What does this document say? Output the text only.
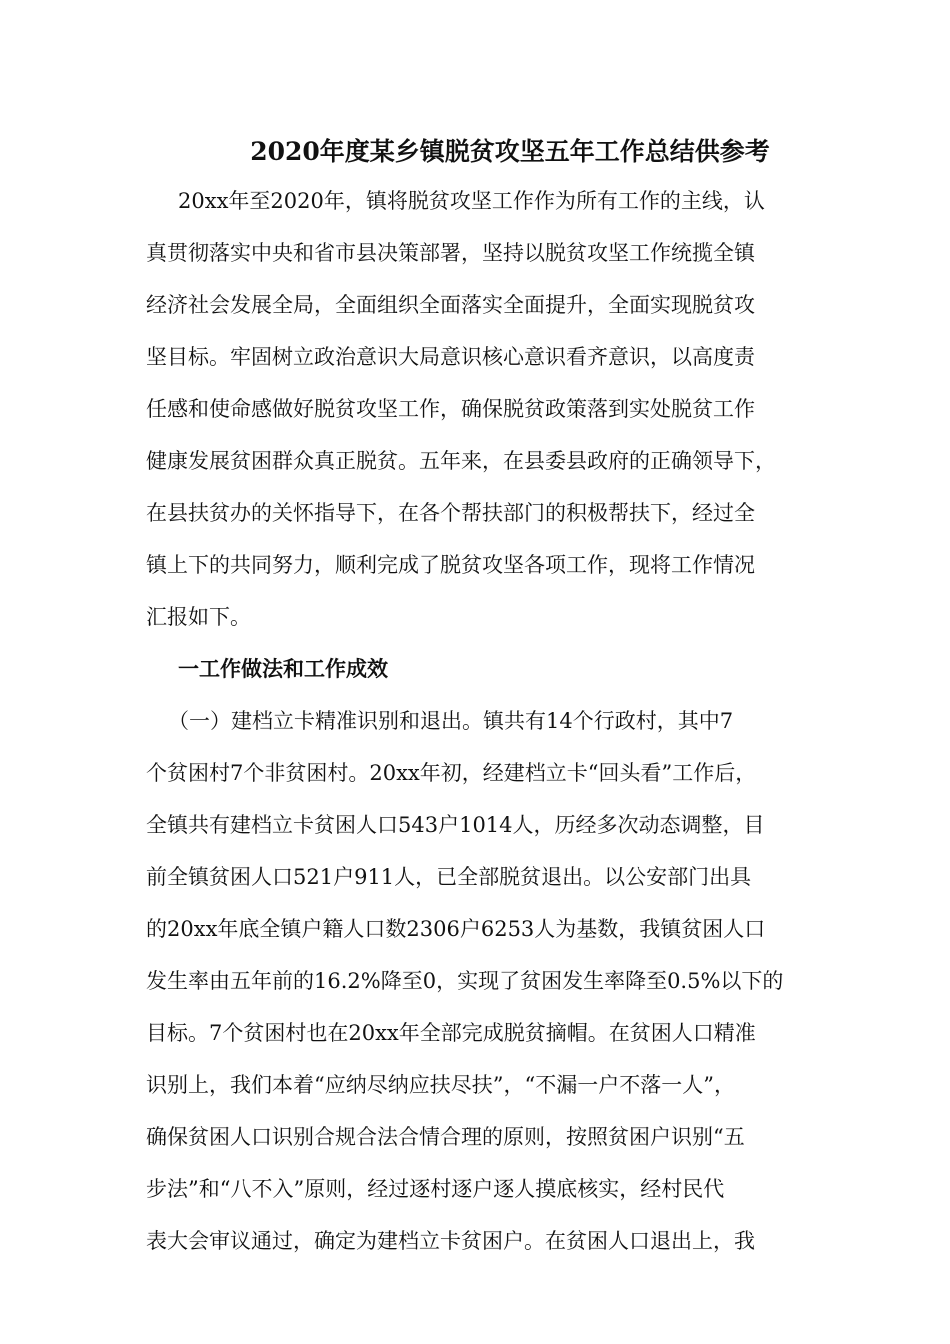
2020年度某乡镇脱贫攻坚五年工作总结供参考
20xx年至2020年，镇将脱贫攻坚工作作为所有工作的主线，认
真贯彻落实中央和省市县决策部署，坚持以脱贫攻坚工作统揽全镇
经济社会发展全局，全面组织全面落实全面提升，全面实现脱贫攻
坚目标。牢固树立政治意识大局意识核心意识看齐意识，以高度责
任感和使命感做好脱贫攻坚工作，确保脱贫政策落到实处脱贫工作
健康发展贫困群众真正脱贫。五年来，在县委县政府的正确领导下，
在县扶贫办的关怀指导下，在各个帮扶部门的积极帮扶下，经过全
镇上下的共同努力，顺利完成了脱贫攻坚各项工作，现将工作情况
汇报如下。
一工作做法和工作成效
（一）建档立卡精准识别和退出。镇共有14个行政村，其中7
个贫困村7个非贫困村。20xx年初，经建档立卡“回头看”工作后，
全镇共有建档立卡贫困人口543户1014人，历经多次动态调整，目
前全镇贫困人口521户911人，已全部脱贫退出。以公安部门出具
的20xx年底全镇户籍人口数2306户6253人为基数，我镇贫困人口
发生率由五年前的16.2%降至0，实现了贫困发生率降至0.5%以下的
目标。7个贫困村也在20xx年全部完成脱贫摘帽。在贫困人口精准
识别上，我们本着“应纳尽纳应扶尽扶”，“不漏一户不落一人”，
确保贫困人口识别合规合法合情合理的原则，按照贫困户识别“五
步法”和“八不入”原则，经过逐村逐户逐人摸底核实，经村民代
表大会审议通过，确定为建档立卡贫困户。在贫困人口退出上，我
